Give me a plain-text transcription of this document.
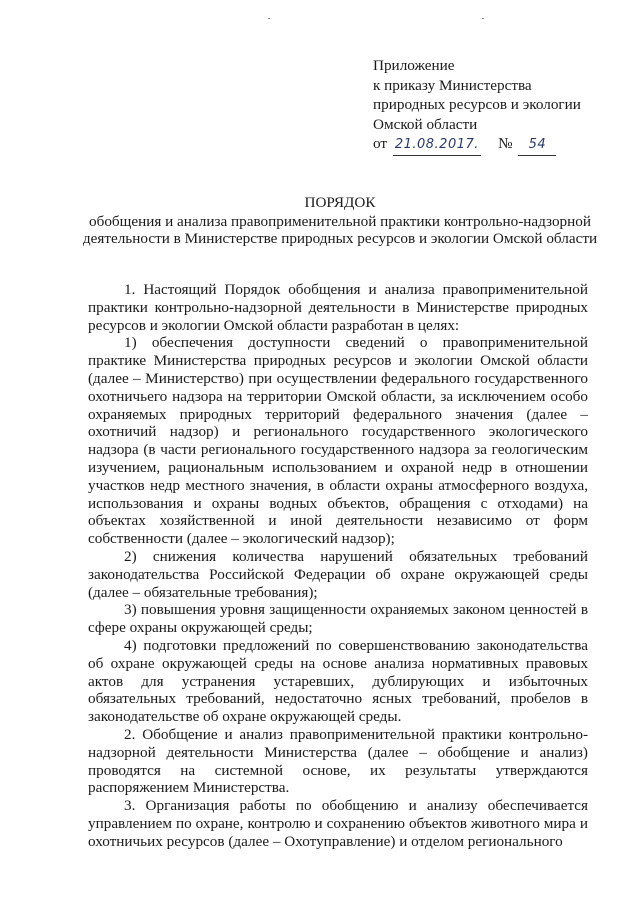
Приложение
к приказу Министерства
природных ресурсов и экологии
Омской области
от 21.08.2017. № 54
ПОРЯДОК
обобщения и анализа правоприменительной практики контрольно-надзорной деятельности в Министерстве природных ресурсов и экологии Омской области

1. Настоящий Порядок обобщения и анализа правоприменительной практики контрольно-надзорной деятельности в Министерстве природных ресурсов и экологии Омской области разработан в целях:

1) обеспечения доступности сведений о правоприменительной практике Министерства природных ресурсов и экологии Омской области (далее – Министерство) при осуществлении федерального государственного охотничьего надзора на территории Омской области, за исключением особо охраняемых природных территорий федерального значения (далее – охотничий надзор) и регионального государственного экологического надзора (в части регионального государственного надзора за геологическим изучением, рациональным использованием и охраной недр в отношении участков недр местного значения, в области охраны атмосферного воздуха, использования и охраны водных объектов, обращения с отходами) на объектах хозяйственной и иной деятельности независимо от форм собственности (далее – экологический надзор);

2) снижения количества нарушений обязательных требований законодательства Российской Федерации об охране окружающей среды (далее – обязательные требования);

3) повышения уровня защищенности охраняемых законом ценностей в сфере охраны окружающей среды;

4) подготовки предложений по совершенствованию законодательства об охране окружающей среды на основе анализа нормативных правовых актов для устранения устаревших, дублирующих и избыточных обязательных требований, недостаточно ясных требований, пробелов в законодательстве об охране окружающей среды.

2. Обобщение и анализ правоприменительной практики контрольно-надзорной деятельности Министерства (далее – обобщение и анализ) проводятся на системной основе, их результаты утверждаются распоряжением Министерства.

3. Организация работы по обобщению и анализу обеспечивается управлением по охране, контролю и сохранению объектов животного мира и охотничьих ресурсов (далее – Охотуправление) и отделом регионального
